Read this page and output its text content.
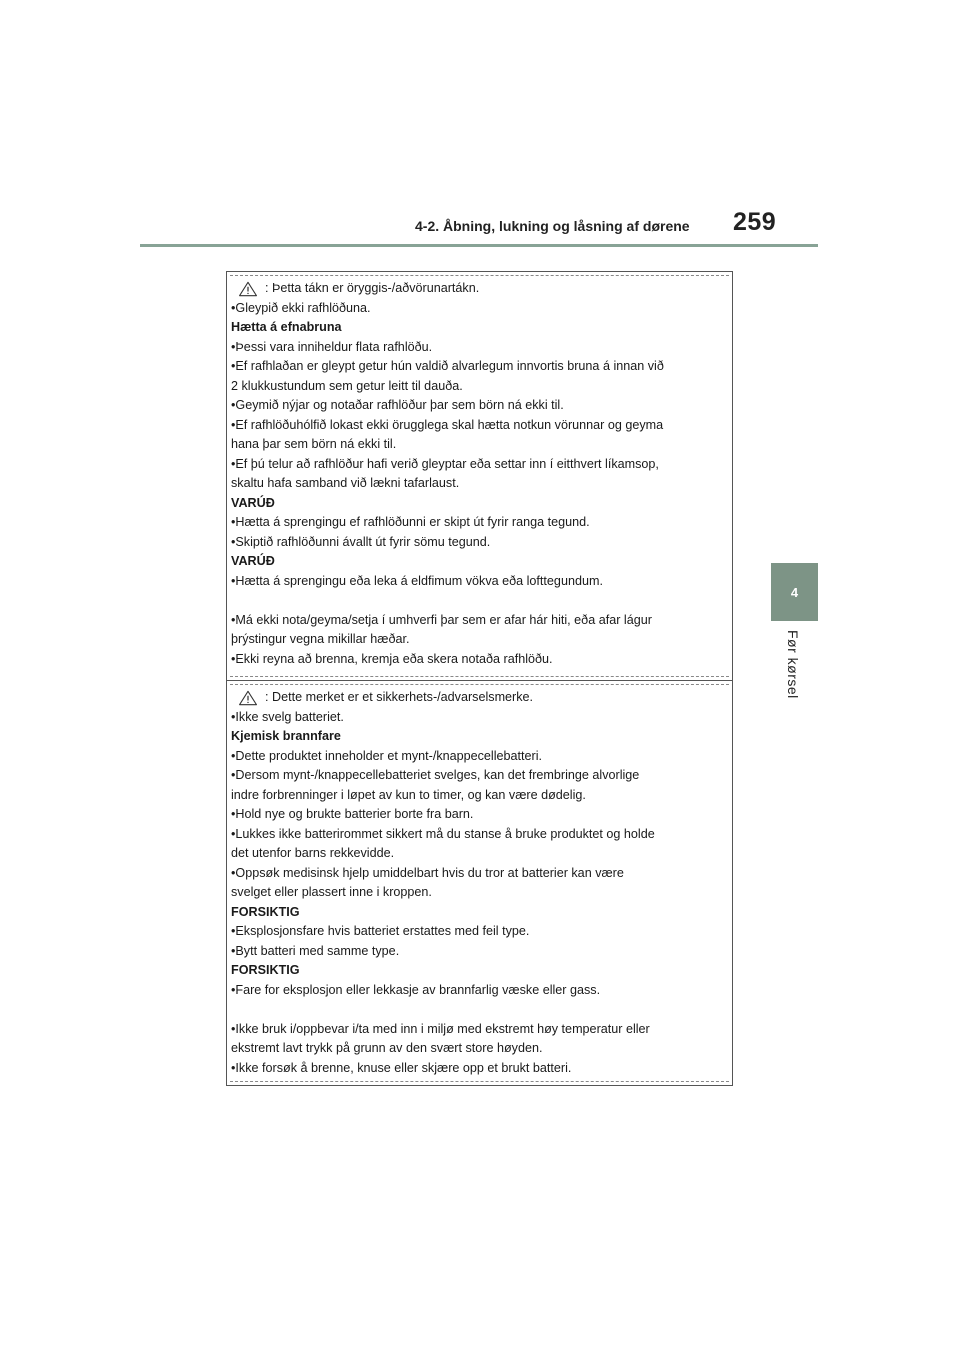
4-2. Åbning, lukning og låsning af dørene 259
4
Før kørsel
: Þetta tákn er öryggis-/aðvörunartákn.
•Gleypið ekki rafhlöðuna.
Hætta á efnabruna
•Þessi vara inniheldur flata rafhlöðu.
•Ef rafhlaðan er gleypt getur hún valdið alvarlegum innvortis bruna á innan við
2 klukkustundum sem getur leitt til dauða.
•Geymið nýjar og notaðar rafhlöður þar sem börn ná ekki til.
•Ef rafhlöðuhólfið lokast ekki örugglega skal hætta notkun vörunnar og geyma
hana þar sem börn ná ekki til.
•Ef þú telur að rafhlöður hafi verið gleyptar eða settar inn í eitthvert líkamsop,
skaltu hafa samband við lækni tafarlaust.
VARÚÐ
•Hætta á sprengingu ef rafhlöðunni er skipt út fyrir ranga tegund.
•Skiptið rafhlöðunni ávallt út fyrir sömu tegund.
VARÚÐ
•Hætta á sprengingu eða leka á eldfimum vökva eða lofttegundum.
•Má ekki nota/geyma/setja í umhverfi þar sem er afar hár hiti, eða afar lágur
þrýstingur vegna mikillar hæðar.
•Ekki reyna að brenna, kremja eða skera notaða rafhlöðu.
: Dette merket er et sikkerhets-/advarselsmerke.
•Ikke svelg batteriet.
Kjemisk brannfare
•Dette produktet inneholder et mynt-/knappecellebatteri.
•Dersom mynt-/knappecellebatteriet svelges, kan det frembringe alvorlige
indre forbrenninger i løpet av kun to timer, og kan være dødelig.
•Hold nye og brukte batterier borte fra barn.
•Lukkes ikke batterirommet sikkert må du stanse å bruke produktet og holde
det utenfor barns rekkevidde.
•Oppsøk medisinsk hjelp umiddelbart hvis du tror at batterier kan være
svelget eller plassert inne i kroppen.
FORSIKTIG
•Eksplosjonsfare hvis batteriet erstattes med feil type.
•Bytt batteri med samme type.
FORSIKTIG
•Fare for eksplosjon eller lekkasje av brannfarlig væske eller gass.
•Ikke bruk i/oppbevar i/ta med inn i miljø med ekstremt høy temperatur eller
ekstremt lavt trykk på grunn av den svært store høyden.
•Ikke forsøk å brenne, knuse eller skjære opp et brukt batteri.
